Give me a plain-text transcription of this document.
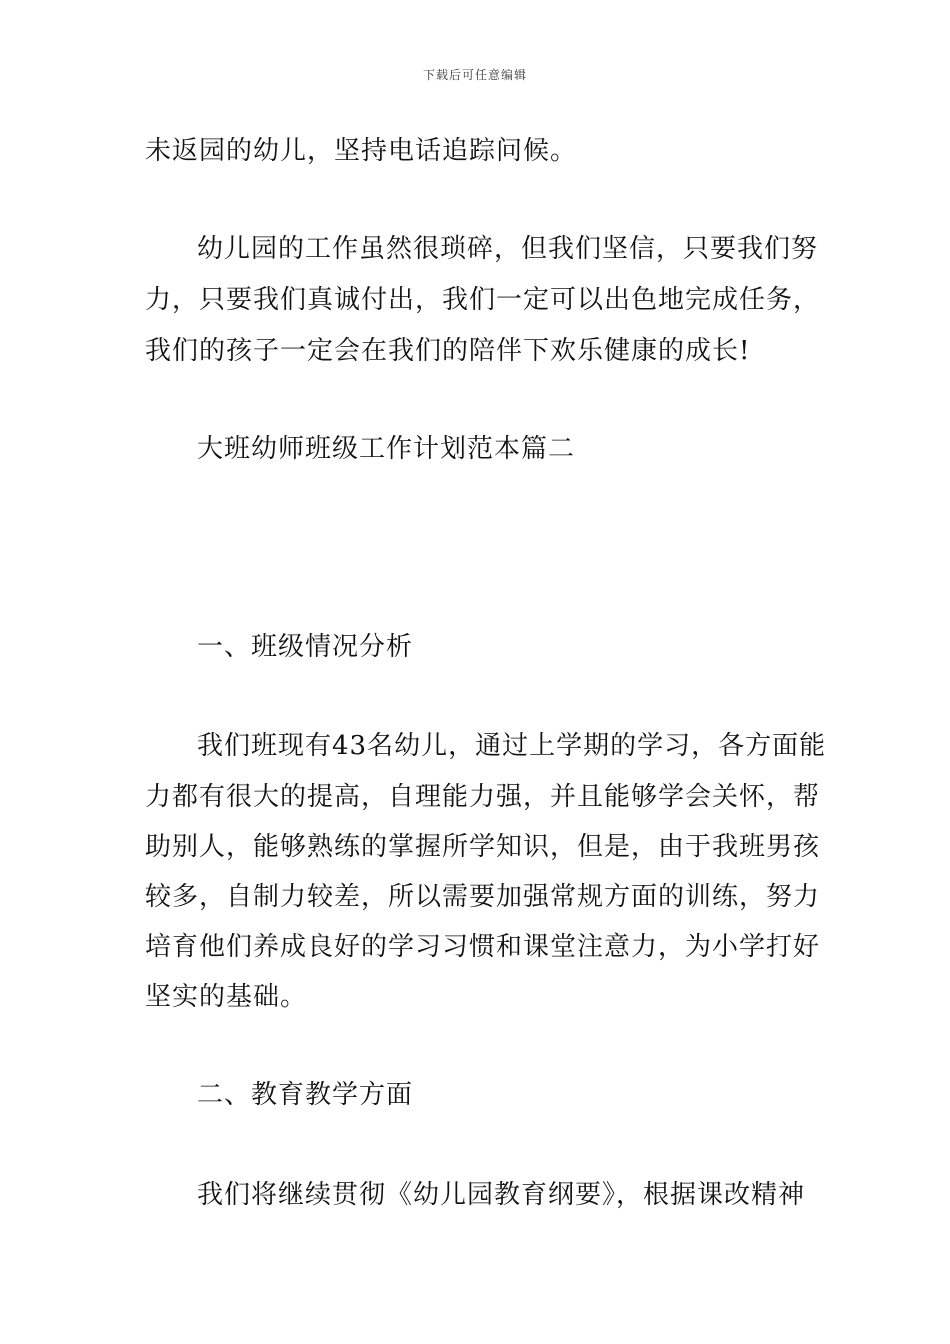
下载后可任意编辑
未返园的幼儿，坚持电话追踪问候。
幼儿园的工作虽然很琐碎，但我们坚信，只要我们努
力，只要我们真诚付出，我们一定可以出色地完成任务，
我们的孩子一定会在我们的陪伴下欢乐健康的成长!
大班幼师班级工作计划范本篇二
一、班级情况分析
我们班现有43名幼儿，通过上学期的学习，各方面能
力都有很大的提高，自理能力强，并且能够学会关怀，帮
助别人，能够熟练的掌握所学知识，但是，由于我班男孩
较多，自制力较差，所以需要加强常规方面的训练，努力
培育他们养成良好的学习习惯和课堂注意力，为小学打好
坚实的基础。
二、教育教学方面
我们将继续贯彻《幼儿园教育纲要》，根据课改精神
